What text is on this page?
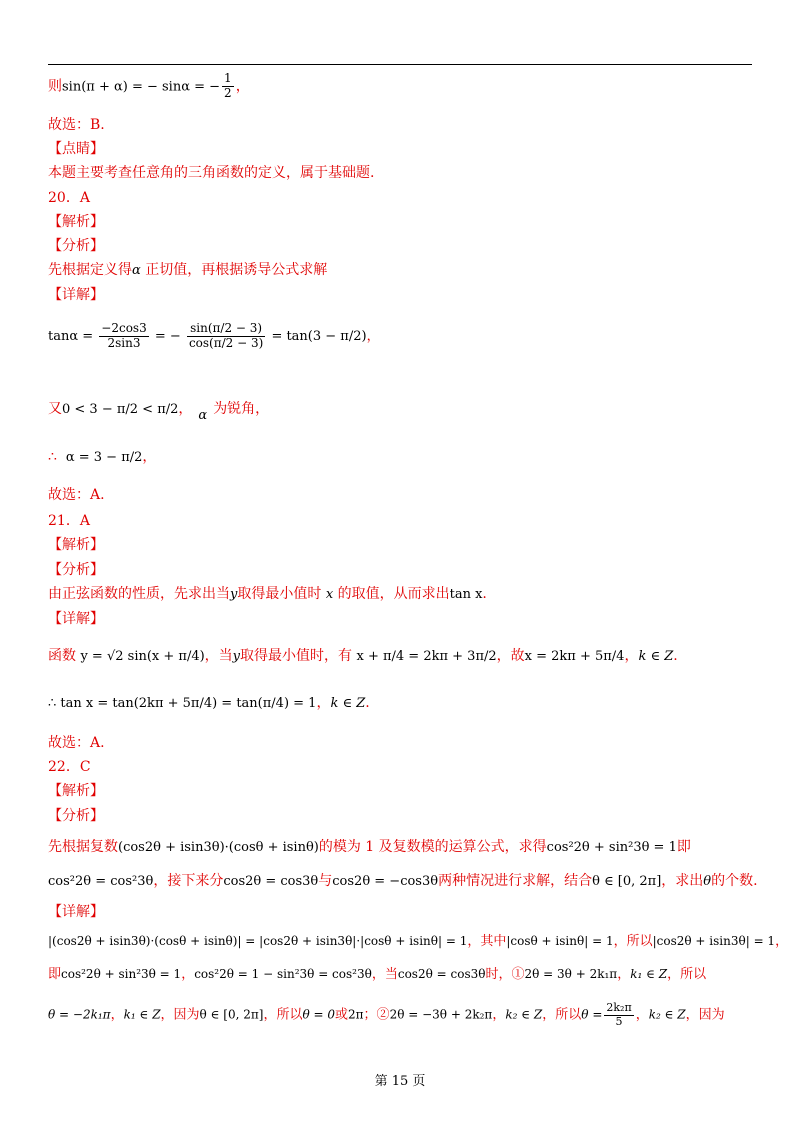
则sin(π + α) = − sinα = − $\frac{1}{2}$ ，
故选：B.
【点睛】
本题主要考查任意角的三角函数的定义，属于基础题.
20．A
【解析】
【分析】
先根据定义得α 正切值，再根据诱导公式求解
【详解】
$\tan\alpha = \frac{-2\cos 3}{2\sin 3}$ = − $\frac{\sin(\pi/2 - 3)}{\cos(\pi/2 - 3)} = \tan(3 - \pi/2)$，
又0 < 3 − π/2 < π/2， α 为锐角，
∴ α = 3 − π/2，
故选：A.
21．A
【解析】
【分析】
由正弦函数的性质，先求出当y取得最小值时 x 的取值，从而求出tan x.
【详解】
函数 y = √2 sin(x + π/4)，当y取得最小值时，有 x + π/4 = 2kπ + 3π/2，故x = 2kπ + 5π/4，k ∈ Z.
∴ tan x = tan(2kπ + 5π/4) = tan(π/4) = 1，k ∈ Z.
故选：A.
22．C
【解析】
【分析】
先根据复数(cos2θ + isin3θ)·(cosθ + isinθ)的模为 1 及复数模的运算公式，求得cos²2θ + sin²3θ = 1即
cos²2θ = cos²3θ，接下来分cos2θ = cos3θ与cos2θ = −cos3θ两种情况进行求解，结合θ ∈ [0, 2π]，求出θ的个数.
【详解】
|(cos2θ + isin3θ)·(cosθ + isinθ)| = |cos2θ + isin3θ|·|cosθ + isinθ| = 1，其中|cosθ + isinθ| = 1，所以|cos2θ + isin3θ| = 1，
即cos²2θ + sin²3θ = 1，cos²2θ = 1 − sin²3θ = cos²3θ，当cos2θ = cos3θ时，①2θ = 3θ + 2k₁π，k₁ ∈ Z，所以
θ = −2k₁π，k₁ ∈ Z，因为θ ∈ [0, 2π]，所以θ = 0或2π；②2θ = −3θ + 2k₂π，k₂ ∈ Z，所以$\theta = \frac{\text{2k₂π}}{5}$ ，k₂ ∈ Z，因为
第 15 页
